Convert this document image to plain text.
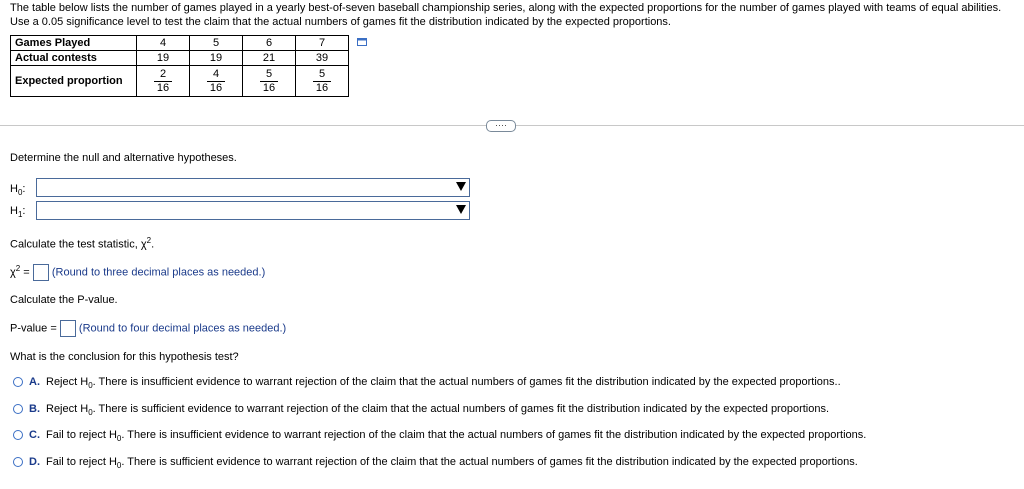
The table below lists the number of games played in a yearly best-of-seven baseball championship series, along with the expected proportions for the number of games played with teams of equal abilities. Use a 0.05 significance level to test the claim that the actual numbers of games fit the distribution indicated by the expected proportions.
Games Played	4	5	6	7
Actual contests	19	19	21	39
Expected proportion	$\frac{2}{16}$	$\frac{4}{16}$	$\frac{5}{16}$	$\frac{5}{16}$
····
Determine the null and alternative hypotheses.
$H_0$:
$H_1$:
Calculate the test statistic, $\chi^2$.
$\chi^2$ = (Round to three decimal places as needed.)
Calculate the P-value.
P-value = (Round to four decimal places as needed.)
What is the conclusion for this hypothesis test?
A. Reject $H_0$. There is insufficient evidence to warrant rejection of the claim that the actual numbers of games fit the distribution indicated by the expected proportions..
B. Reject $H_0$. There is sufficient evidence to warrant rejection of the claim that the actual numbers of games fit the distribution indicated by the expected proportions.
C. Fail to reject $H_0$. There is insufficient evidence to warrant rejection of the claim that the actual numbers of games fit the distribution indicated by the expected proportions.
D. Fail to reject $H_0$. There is sufficient evidence to warrant rejection of the claim that the actual numbers of games fit the distribution indicated by the expected proportions.
